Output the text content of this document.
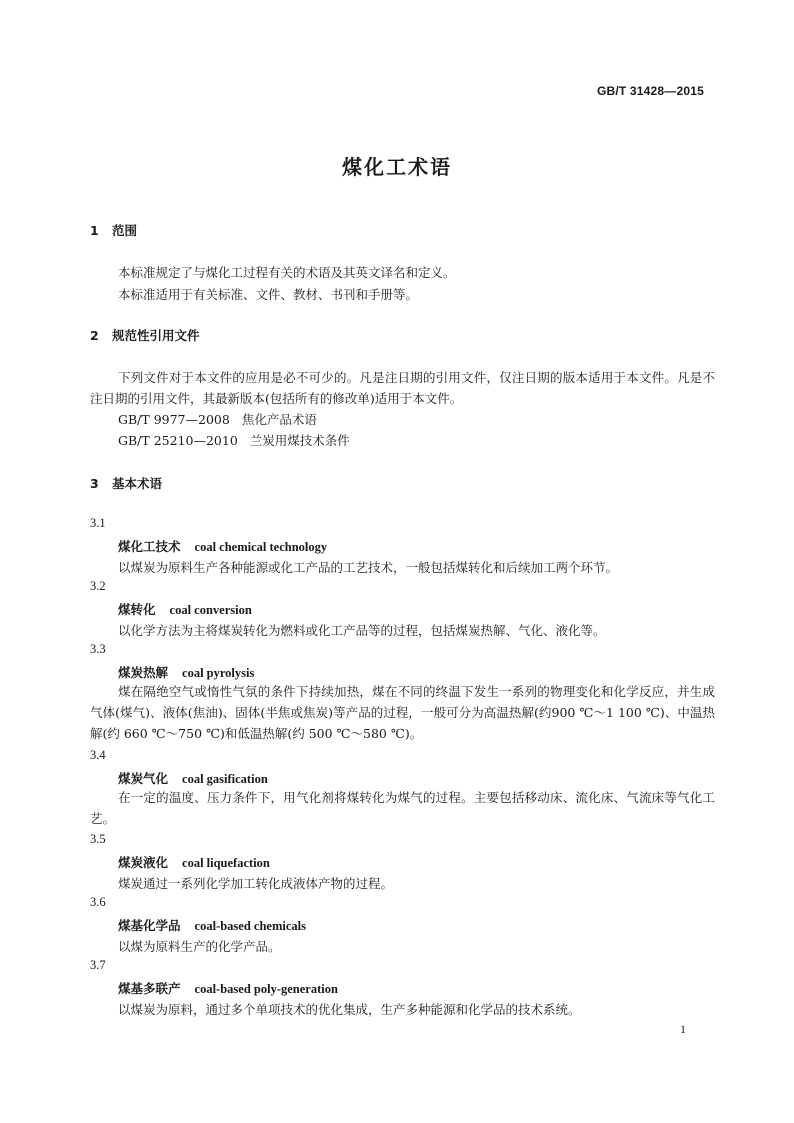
GB/T 31428—2015
煤化工术语
1 范围
本标准规定了与煤化工过程有关的术语及其英文译名和定义。
本标准适用于有关标准、文件、教材、书刊和手册等。
2 规范性引用文件
下列文件对于本文件的应用是必不可少的。凡是注日期的引用文件，仅注日期的版本适用于本文件。凡是不注日期的引用文件，其最新版本(包括所有的修改单)适用于本文件。
GB/T 9977—2008 焦化产品术语
GB/T 25210—2010 兰炭用煤技术条件
3 基本术语
3.1
煤化工技术 coal chemical technology
以煤炭为原料生产各种能源或化工产品的工艺技术，一般包括煤转化和后续加工两个环节。
3.2
煤转化 coal conversion
以化学方法为主将煤炭转化为燃料或化工产品等的过程，包括煤炭热解、气化、液化等。
3.3
煤炭热解 coal pyrolysis
煤在隔绝空气或惰性气氛的条件下持续加热，煤在不同的终温下发生一系列的物理变化和化学反应，并生成气体(煤气)、液体(焦油)、固体(半焦或焦炭)等产品的过程，一般可分为高温热解(约900 ℃～1 100 ℃)、中温热解(约 660 ℃～750 ℃)和低温热解(约 500 ℃～580 ℃)。
3.4
煤炭气化 coal gasification
在一定的温度、压力条件下，用气化剂将煤转化为煤气的过程。主要包括移动床、流化床、气流床等气化工艺。
3.5
煤炭液化 coal liquefaction
煤炭通过一系列化学加工转化成液体产物的过程。
3.6
煤基化学品 coal-based chemicals
以煤为原料生产的化学产品。
3.7
煤基多联产 coal-based poly-generation
以煤炭为原料，通过多个单项技术的优化集成，生产多种能源和化学品的技术系统。
1
